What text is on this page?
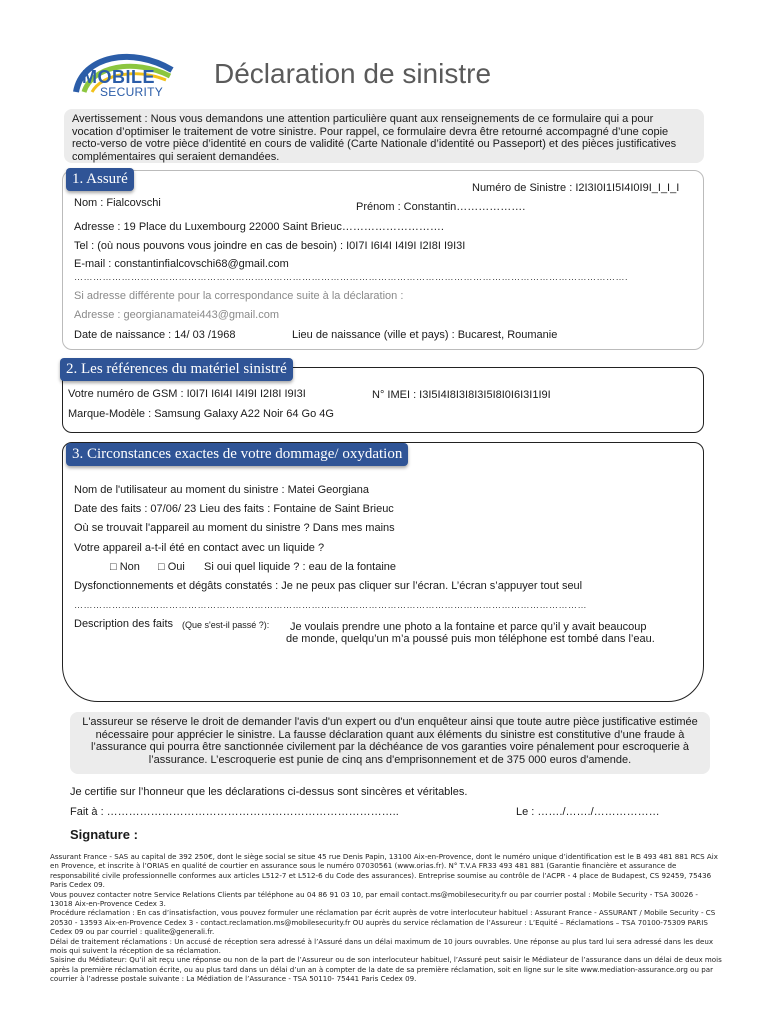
MOBILE
SECURITY
Déclaration de sinistre
Avertissement : Nous vous demandons une attention particulière quant aux renseignements de ce formulaire qui a pour vocation d’optimiser le traitement de votre sinistre. Pour rappel, ce formulaire devra être retourné accompagné d’une copie recto-verso de votre pièce d’identité en cours de validité (Carte Nationale d’identité ou Passeport) et des pièces justificatives complémentaires qui seraient demandées.
1. Assuré
Numéro de Sinistre : I2I3I0I1I5I4I0I9I_I_I_I
Nom : Fialcovschi	Prénom : Constantin……………….
Adresse : 19 Place du Luxembourg 22000 Saint Brieuc……………………….
Tel : (où nous pouvons vous joindre en cas de besoin) : I0I7I I6I4I I4I9I I2I8I I9I3I
E-mail : constantinfialcovschi68@gmail.com
………………………………………………………………………………………………………………………………………………………….
Si adresse différente pour la correspondance suite à la déclaration :
Adresse : georgianamatei443@gmail.com
Date de naissance : 14/ 03 /1968	Lieu de naissance (ville et pays) : Bucarest, Roumanie
2. Les références du matériel sinistré
Votre numéro de GSM : I0I7I I6I4I I4I9I I2I8I I9I3I	N° IMEI : I3I5I4I8I3I8I3I5I8I0I6I3I1I9I
Marque-Modèle : Samsung Galaxy A22 Noir 64 Go 4G
3. Circonstances exactes de votre dommage/ oxydation
Nom de l'utilisateur au moment du sinistre : Matei Georgiana
Date des faits : 07/06/ 23 Lieu des faits : Fontaine de Saint Brieuc
Où se trouvait l'appareil au moment du sinistre ? Dans mes mains
Votre appareil a-t-il été en contact avec un liquide ?
□ Non □ Oui Si oui quel liquide ? : eau de la fontaine
Dysfonctionnements et dégâts constatés : Je ne peux pas cliquer sur l’écran. L’écran s’appuyer tout seul
………………………………………………………………………………………………………………………………………………
Description des faits (Que s'est-il passé ?): Je voulais prendre une photo a la fontaine et parce qu’il y avait beaucoup
de monde, quelqu’un m’a poussé puis mon téléphone est tombé dans l’eau.
L'assureur se réserve le droit de demander l'avis d'un expert ou d'un enquêteur ainsi que toute autre pièce justificative estimée nécessaire pour apprécier le sinistre. La fausse déclaration quant aux éléments du sinistre est constitutive d’une fraude à l’assurance qui pourra être sanctionnée civilement par la déchéance de vos garanties voire pénalement pour escroquerie à l’assurance. L’escroquerie est punie de cinq ans d'emprisonnement et de 375 000 euros d'amende.
Je certifie sur l’honneur que les déclarations ci-dessus sont sincères et véritables.
Fait à : ……………………………………………………………………..	Le : ……./……./………………
Signature :

Assurant France - SAS au capital de 392 250€, dont le siège social se situe 45 rue Denis Papin, 13100 Aix-en-Provence, dont le numéro unique d’identification est le B 493 481 881 RCS Aix en Provence, et inscrite à l’ORIAS en qualité de courtier en assurance sous le numéro 07030561 (www.orias.fr). N° T.V.A FR33 493 481 881 (Garantie financière et assurance de responsabilité civile professionnelle conformes aux articles L512-7 et L512-6 du Code des assurances). Entreprise soumise au contrôle de l’ACPR - 4 place de Budapest, CS 92459, 75436 Paris Cedex 09.

Vous pouvez contacter notre Service Relations Clients par téléphone au 04 86 91 03 10, par email contact.ms@mobilesecurity.fr ou par courrier postal : Mobile Security - TSA 30026 - 13018 Aix-en-Provence Cedex 3.

Procédure réclamation : En cas d’insatisfaction, vous pouvez formuler une réclamation par écrit auprès de votre interlocuteur habituel : Assurant France - ASSURANT / Mobile Security - CS 20530 - 13593 Aix-en-Provence Cedex 3 - contact.reclamation.ms@mobilesecurity.fr OU auprès du service réclamation de l’Assureur : L’Equité – Réclamations – TSA 70100-75309 PARIS Cedex 09 ou par courriel : qualite@generali.fr.

Délai de traitement réclamations : Un accusé de réception sera adressé à l’Assuré dans un délai maximum de 10 jours ouvrables. Une réponse au plus tard lui sera adressé dans les deux mois qui suivent la réception de sa réclamation.

Saisine du Médiateur: Qu’il ait reçu une réponse ou non de la part de l’Assureur ou de son interlocuteur habituel, l’Assuré peut saisir le Médiateur de l’assurance dans un délai de deux mois après la première réclamation écrite, ou au plus tard dans un délai d’un an à compter de la date de sa première réclamation, soit en ligne sur le site www.mediation-assurance.org ou par courrier à l’adresse postale suivante : La Médiation de l’Assurance - TSA 50110- 75441 Paris Cedex 09.
